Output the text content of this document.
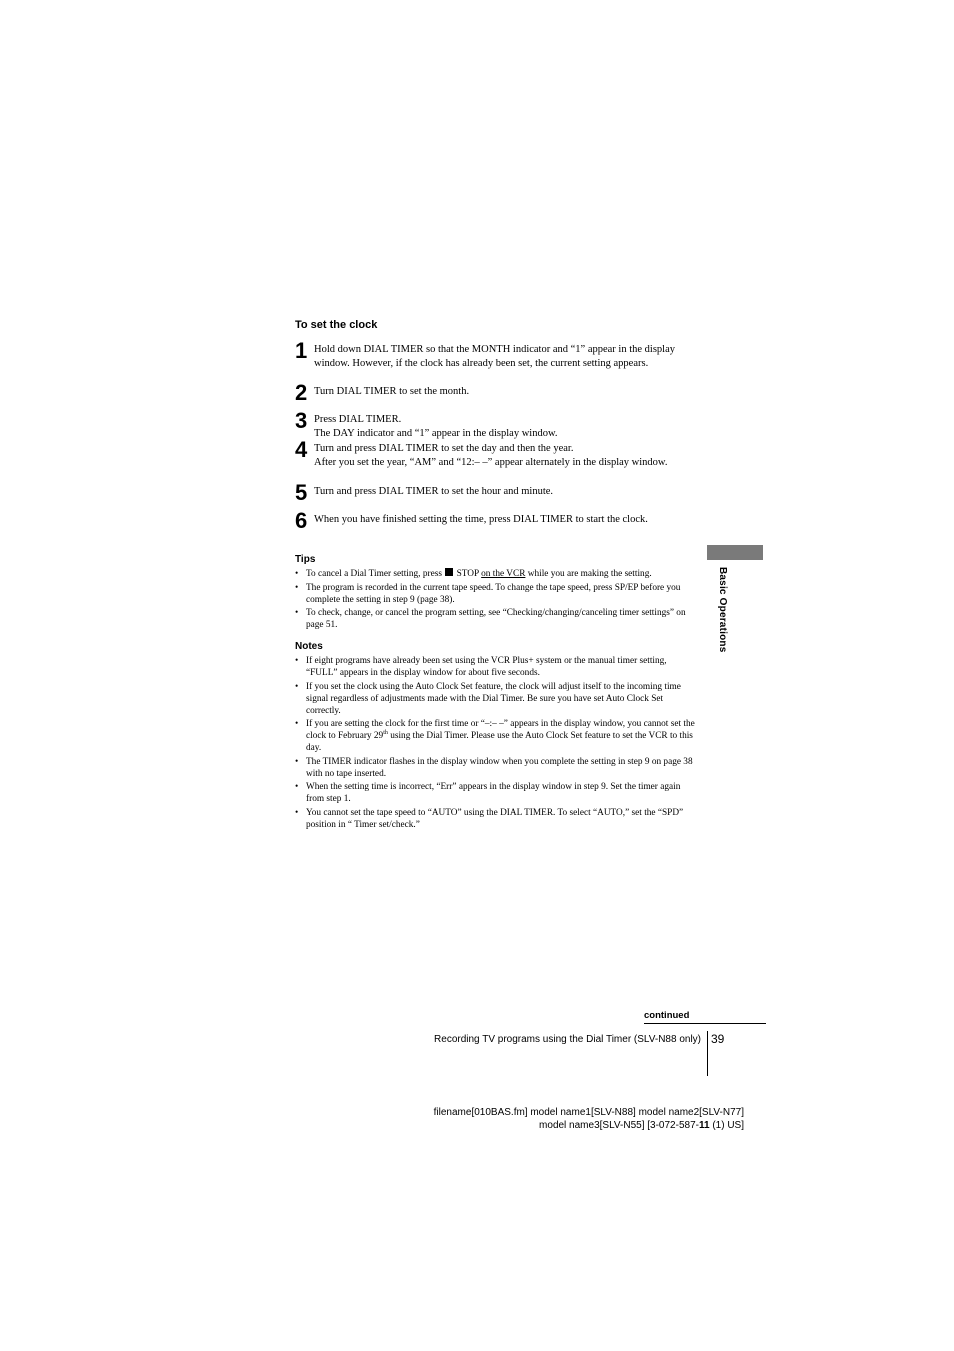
To set the clock
1 Hold down DIAL TIMER so that the MONTH indicator and “1” appear in the display window. However, if the clock has already been set, the current setting appears.
2 Turn DIAL TIMER to set the month.
3 Press DIAL TIMER.
The DAY indicator and “1” appear in the display window.
4 Turn and press DIAL TIMER to set the day and then the year.
After you set the year, “AM” and “12:– –” appear alternately in the display window.
5 Turn and press DIAL TIMER to set the hour and minute.
6 When you have finished setting the time, press DIAL TIMER to start the clock.
Tips
• To cancel a Dial Timer setting, press STOP on the VCR while you are making the setting.
• The program is recorded in the current tape speed. To change the tape speed, press SP/EP before you complete the setting in step 9 (page 38).
• To check, change, or cancel the program setting, see “Checking/changing/canceling timer settings” on page 51.
Notes
• If eight programs have already been set using the VCR Plus+ system or the manual timer setting, “FULL” appears in the display window for about five seconds.
• If you set the clock using the Auto Clock Set feature, the clock will adjust itself to the incoming time signal regardless of adjustments made with the Dial Timer. Be sure you have set Auto Clock Set correctly.
• If you are setting the clock for the first time or “–:– –” appears in the display window, you cannot set the clock to February 29th using the Dial Timer. Please use the Auto Clock Set feature to set the VCR to this day.
• The TIMER indicator flashes in the display window when you complete the setting in step 9 on page 38 with no tape inserted.
• When the setting time is incorrect, “Err” appears in the display window in step 9. Set the timer again from step 1.
• You cannot set the tape speed to “AUTO” using the DIAL TIMER. To select “AUTO,” set the “SPD” position in “ Timer set/check.”
Basic Operations
continued
Recording TV programs using the Dial Timer (SLV-N88 only) 39
filename[010BAS.fm] model name1[SLV-N88] model name2[SLV-N77]
model name3[SLV-N55] [3-072-587-11 (1) US]
